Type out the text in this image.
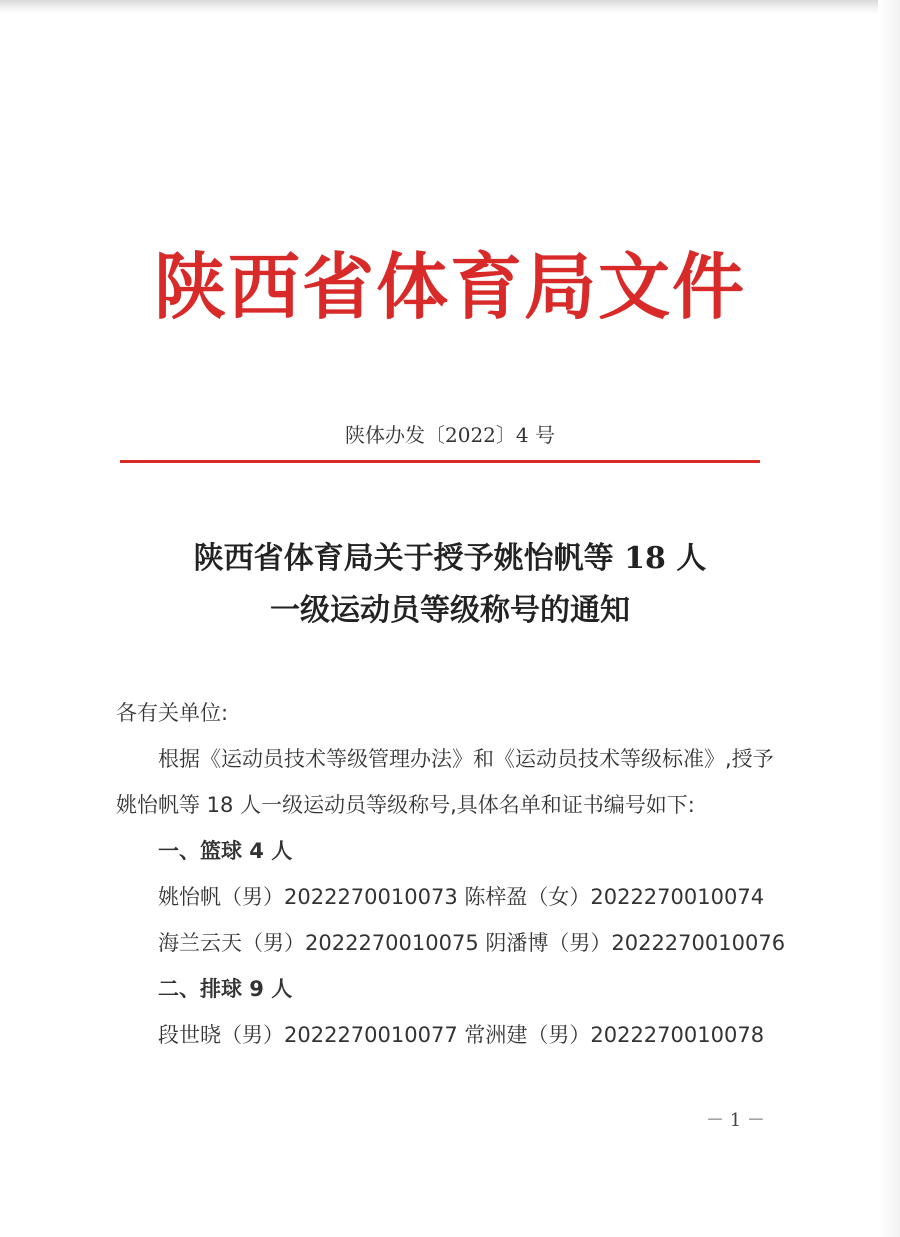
陕西省体育局文件
陕体办发〔2022〕4 号
陕西省体育局关于授予姚怡帆等 18 人
一级运动员等级称号的通知

各有关单位:

根据《运动员技术等级管理办法》和《运动员技术等级标准》,授予姚怡帆等 18 人一级运动员等级称号,具体名单和证书编号如下:

一、篮球 4 人

姚怡帆（男）2022270010073 陈梓盈（女）2022270010074

海兰云天（男）2022270010075 阴潘博（男）2022270010076

二、排球 9 人

段世晓（男）2022270010077 常洲建（男）2022270010078

－ 1 －
